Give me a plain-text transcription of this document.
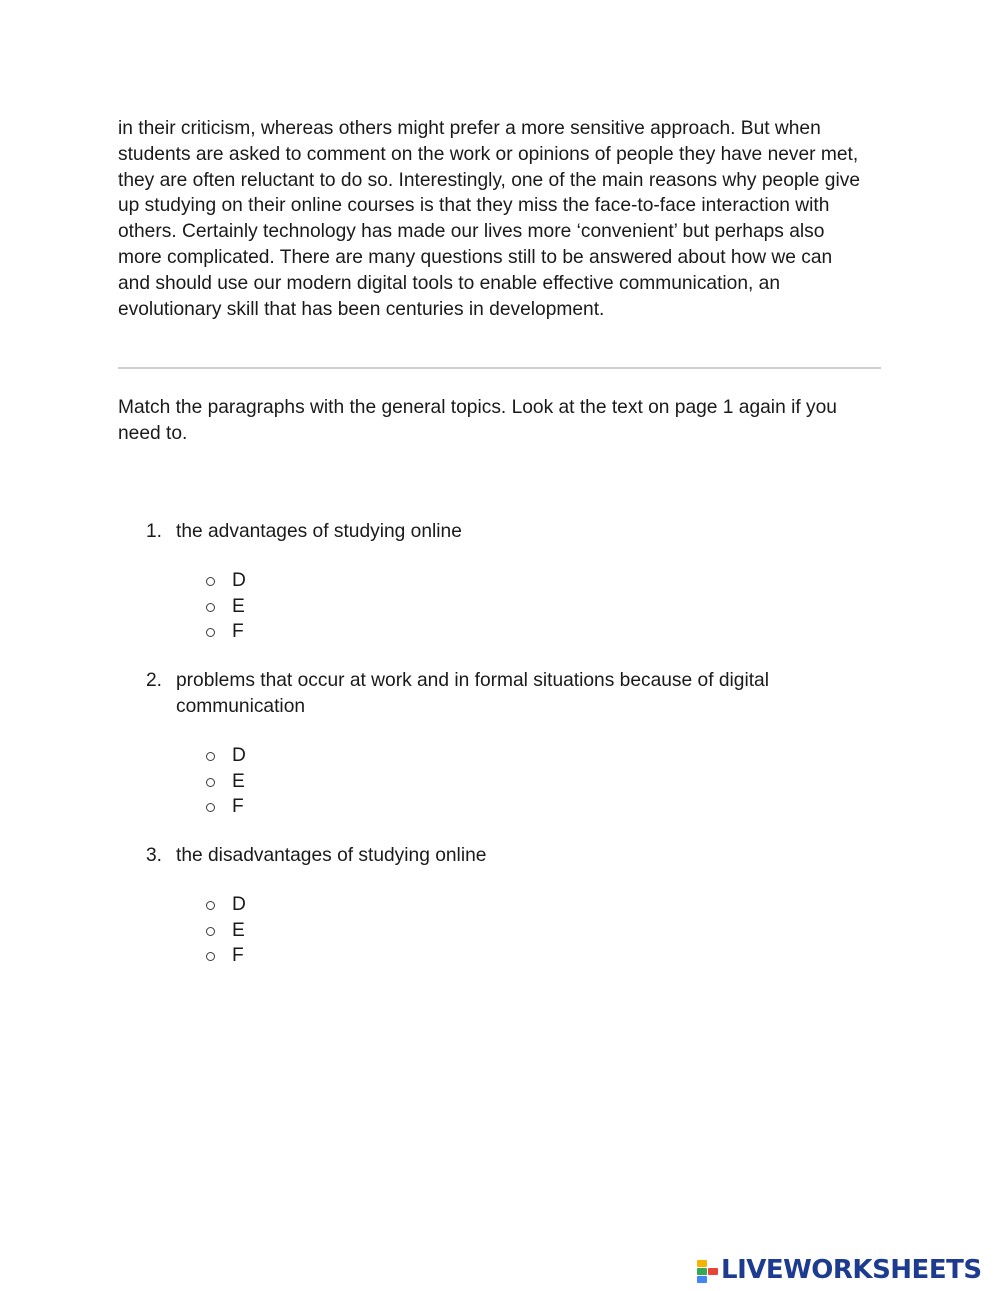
in their criticism, whereas others might prefer a more sensitive approach. But when
students are asked to comment on the work or opinions of people they have never met,
they are often reluctant to do so. Interestingly, one of the main reasons why people give
up studying on their online courses is that they miss the face-to-face interaction with
others. Certainly technology has made our lives more ‘convenient’ but perhaps also
more complicated. There are many questions still to be answered about how we can
and should use our modern digital tools to enable effective communication, an
evolutionary skill that has been centuries in development.

Match the paragraphs with the general topics. Look at the text on page 1 again if you
need to.

1. the advantages of studying online
D
E
F
2. problems that occur at work and in formal situations because of digital
communication
D
E
F
3. the disadvantages of studying online
D
E
F
LIVEWORKSHEETS
